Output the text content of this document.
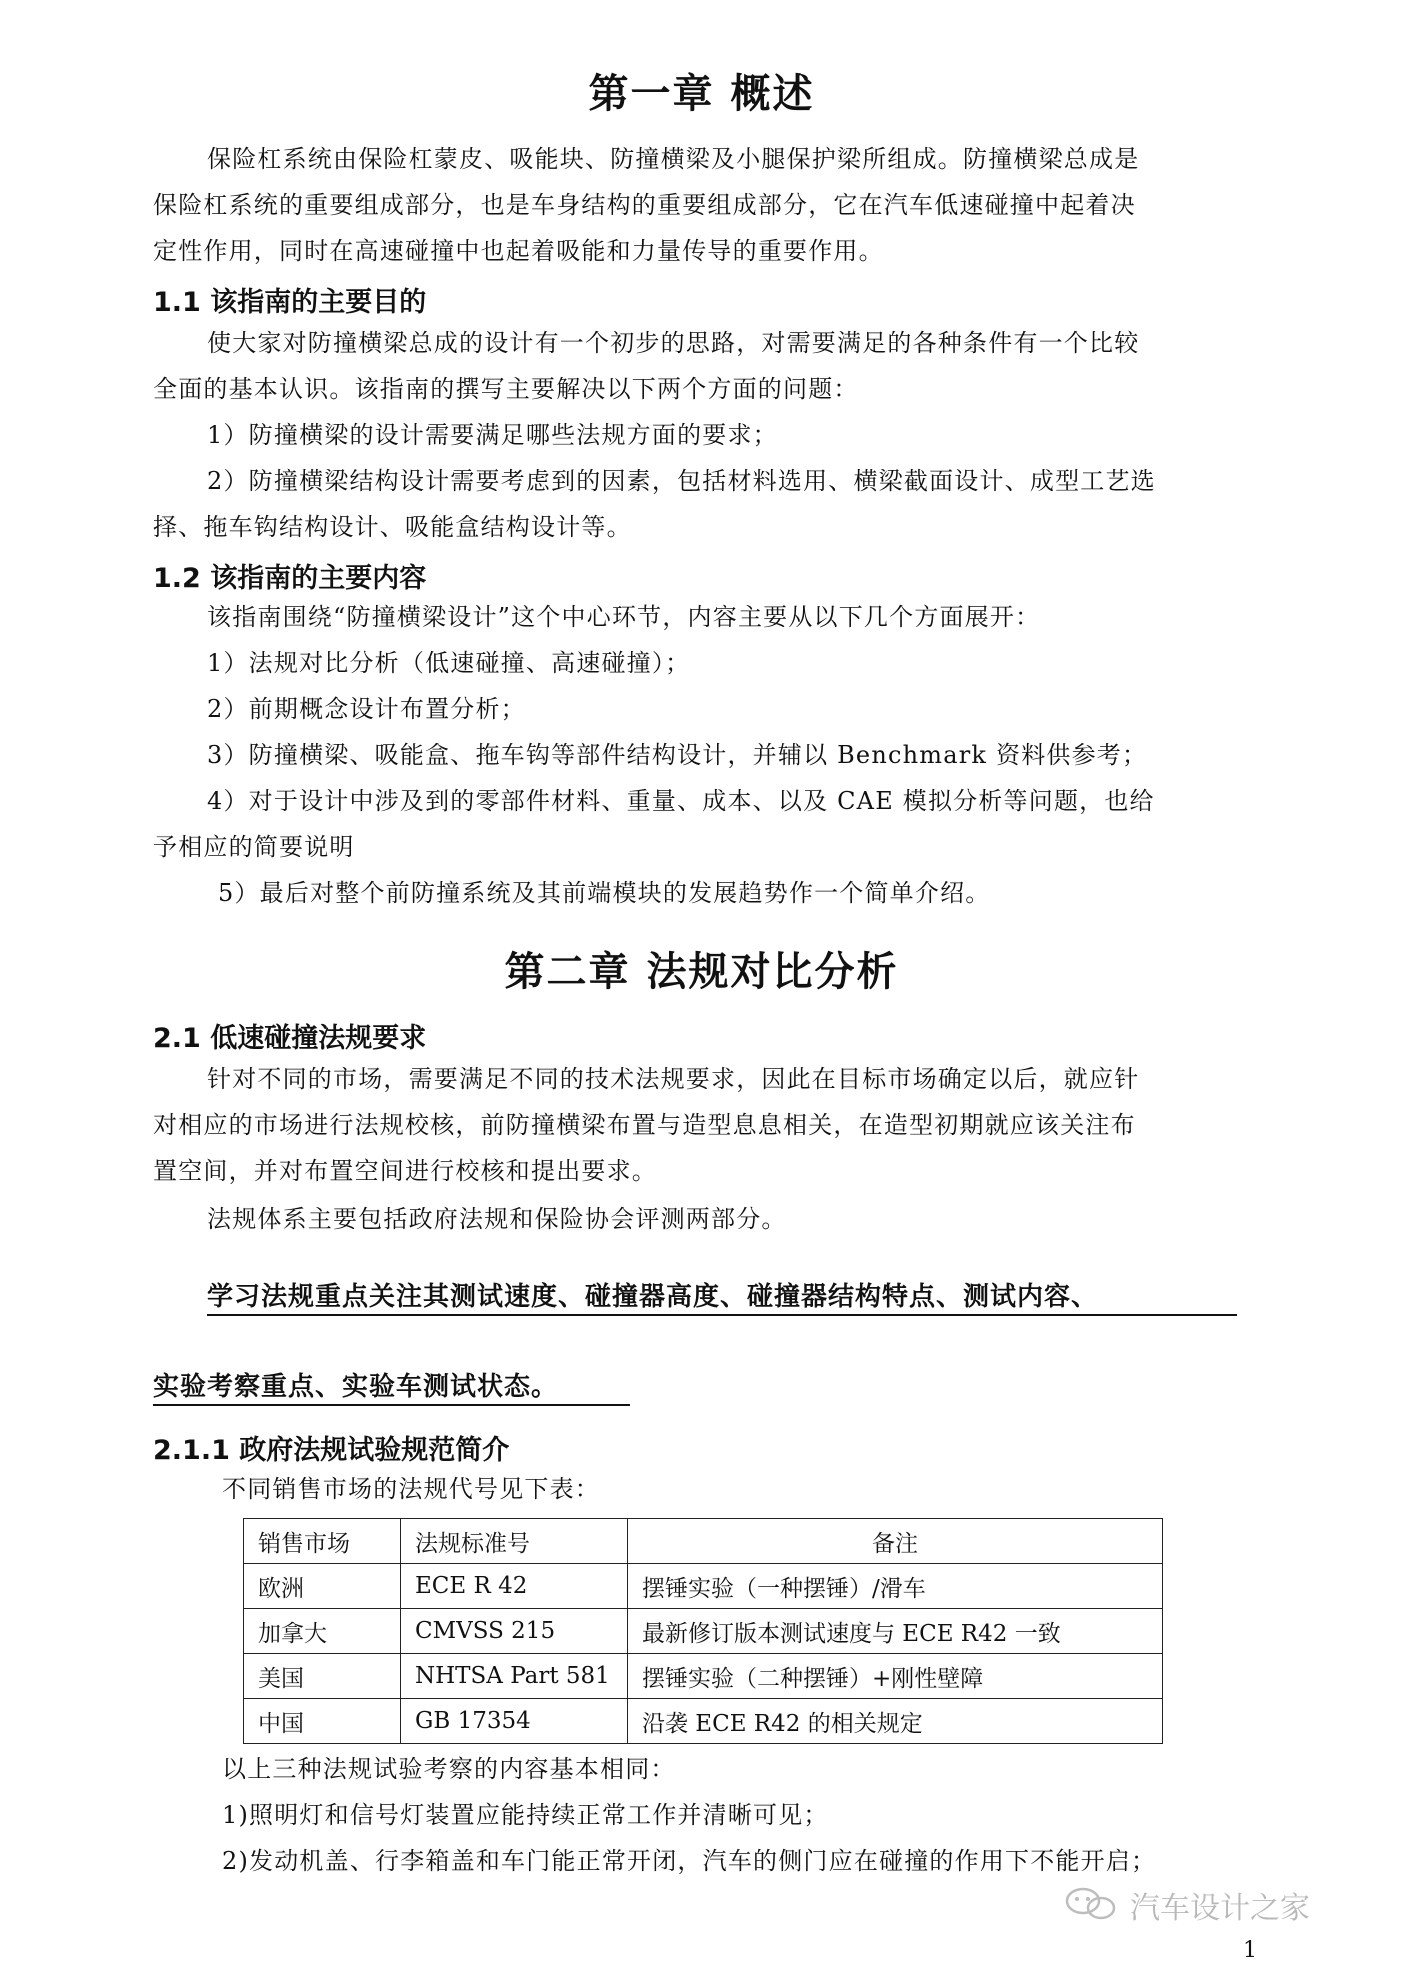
第一章 概述
保险杠系统由保险杠蒙皮、吸能块、防撞横梁及小腿保护梁所组成。防撞横梁总成是
保险杠系统的重要组成部分，也是车身结构的重要组成部分，它在汽车低速碰撞中起着决
定性作用，同时在高速碰撞中也起着吸能和力量传导的重要作用。
1.1 该指南的主要目的
使大家对防撞横梁总成的设计有一个初步的思路，对需要满足的各种条件有一个比较
全面的基本认识。该指南的撰写主要解决以下两个方面的问题：
1）防撞横梁的设计需要满足哪些法规方面的要求；
2）防撞横梁结构设计需要考虑到的因素，包括材料选用、横梁截面设计、成型工艺选
择、拖车钩结构设计、吸能盒结构设计等。
1.2 该指南的主要内容
该指南围绕“防撞横梁设计”这个中心环节，内容主要从以下几个方面展开：
1）法规对比分析（低速碰撞、高速碰撞）；
2）前期概念设计布置分析；
3）防撞横梁、吸能盒、拖车钩等部件结构设计，并辅以 Benchmark 资料供参考；
4）对于设计中涉及到的零部件材料、重量、成本、以及 CAE 模拟分析等问题，也给
予相应的简要说明
5）最后对整个前防撞系统及其前端模块的发展趋势作一个简单介绍。
第二章 法规对比分析
2.1 低速碰撞法规要求
针对不同的市场，需要满足不同的技术法规要求，因此在目标市场确定以后，就应针
对相应的市场进行法规校核，前防撞横梁布置与造型息息相关，在造型初期就应该关注布
置空间，并对布置空间进行校核和提出要求。
法规体系主要包括政府法规和保险协会评测两部分。
学习法规重点关注其测试速度、碰撞器高度、碰撞器结构特点、测试内容、
实验考察重点、实验车测试状态。
2.1.1 政府法规试验规范简介
不同销售市场的法规代号见下表：
销售市场	法规标准号	备注
欧洲	ECE R 42	摆锤实验（一种摆锤）/滑车
加拿大	CMVSS 215	最新修订版本测试速度与 ECE R42 一致
美国	NHTSA Part 581	摆锤实验（二种摆锤）+刚性壁障
中国	GB 17354	沿袭 ECE R42 的相关规定
以上三种法规试验考察的内容基本相同：
1)照明灯和信号灯装置应能持续正常工作并清晰可见；
2)发动机盖、行李箱盖和车门能正常开闭，汽车的侧门应在碰撞的作用下不能开启；
汽车设计之家
1
